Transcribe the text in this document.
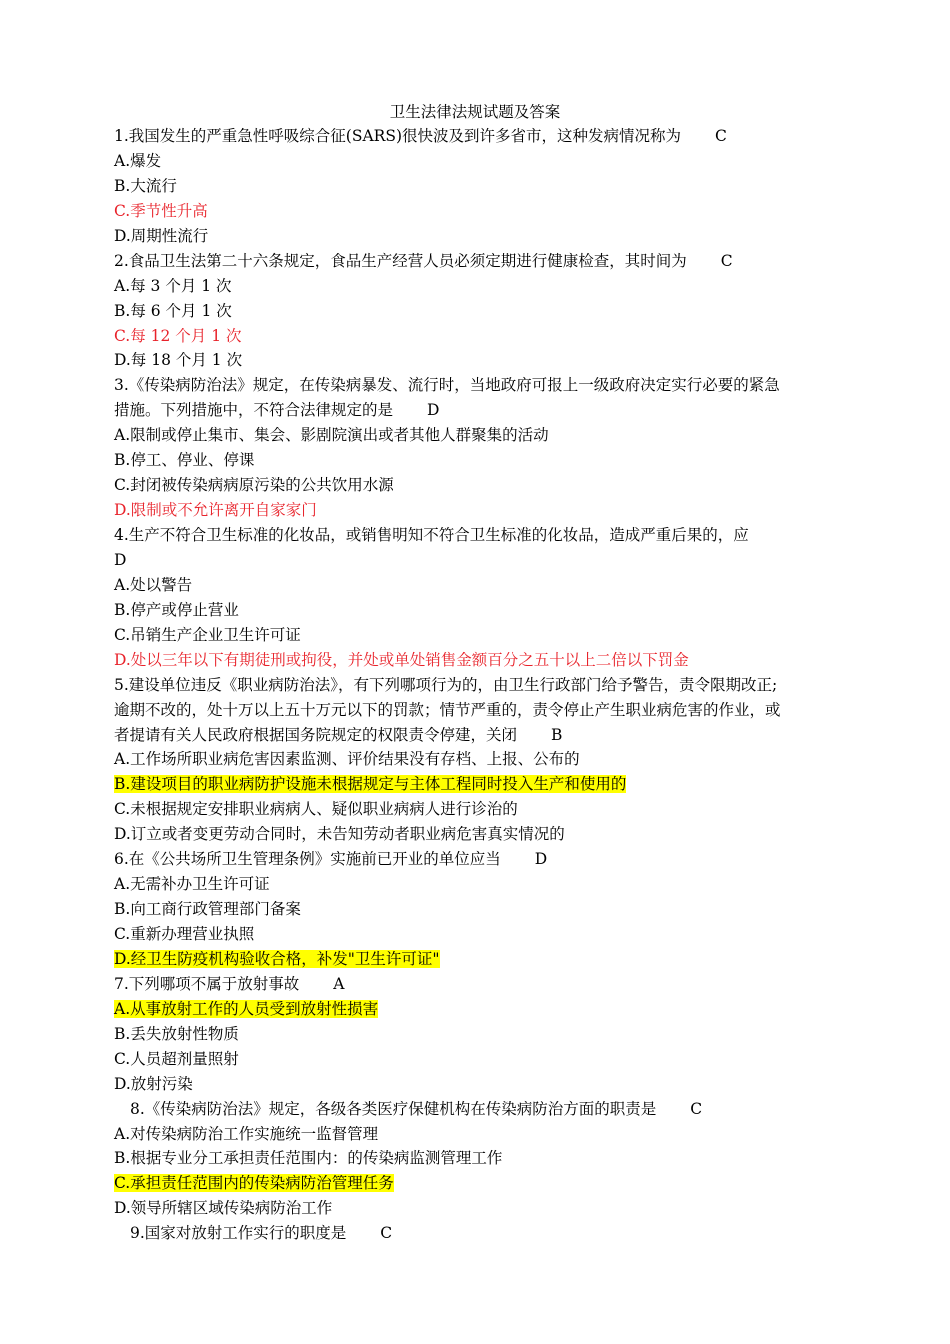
卫生法律法规试题及答案
1.我国发生的严重急性呼吸综合征(SARS)很快波及到许多省市，这种发病情况称为 C
A.爆发
B.大流行
C.季节性升高
D.周期性流行
2.食品卫生法第二十六条规定，食品生产经营人员必须定期进行健康检查，其时间为 C
A.每 3 个月 1 次
B.每 6 个月 1 次
C.每 12 个月 1 次
D.每 18 个月 1 次
3.《传染病防治法》规定，在传染病暴发、流行时，当地政府可报上一级政府决定实行必要的紧急
措施。下列措施中，不符合法律规定的是 D
A.限制或停止集市、集会、影剧院演出或者其他人群聚集的活动
B.停工、停业、停课
C.封闭被传染病病原污染的公共饮用水源
D.限制或不允许离开自家家门
4.生产不符合卫生标准的化妆品，或销售明知不符合卫生标准的化妆品，造成严重后果的，应
D
A.处以警告
B.停产或停止营业
C.吊销生产企业卫生许可证
D.处以三年以下有期徒刑或拘役，并处或单处销售金额百分之五十以上二倍以下罚金
5.建设单位违反《职业病防治法》，有下列哪项行为的，由卫生行政部门给予警告，责令限期改正;
逾期不改的，处十万以上五十万元以下的罚款；情节严重的，责令停止产生职业病危害的作业，或
者提请有关人民政府根据国务院规定的权限责令停建，关闭 B
A.工作场所职业病危害因素监测、评价结果没有存档、上报、公布的
B.建设项目的职业病防护设施未根据规定与主体工程同时投入生产和使用的
C.未根据规定安排职业病病人、疑似职业病病人进行诊治的
D.订立或者变更劳动合同时，未告知劳动者职业病危害真实情况的
6.在《公共场所卫生管理条例》实施前已开业的单位应当 D
A.无需补办卫生许可证
B.向工商行政管理部门备案
C.重新办理营业执照
D.经卫生防疫机构验收合格，补发"卫生许可证"
7.下列哪项不属于放射事故 A
A.从事放射工作的人员受到放射性损害
B.丢失放射性物质
C.人员超剂量照射
D.放射污染
8.《传染病防治法》规定，各级各类医疗保健机构在传染病防治方面的职责是 C
A.对传染病防治工作实施统一监督管理
B.根据专业分工承担责任范围内：的传染病监测管理工作
C.承担责任范围内的传染病防治管理任务
D.领导所辖区域传染病防治工作
9.国家对放射工作实行的职度是 C
